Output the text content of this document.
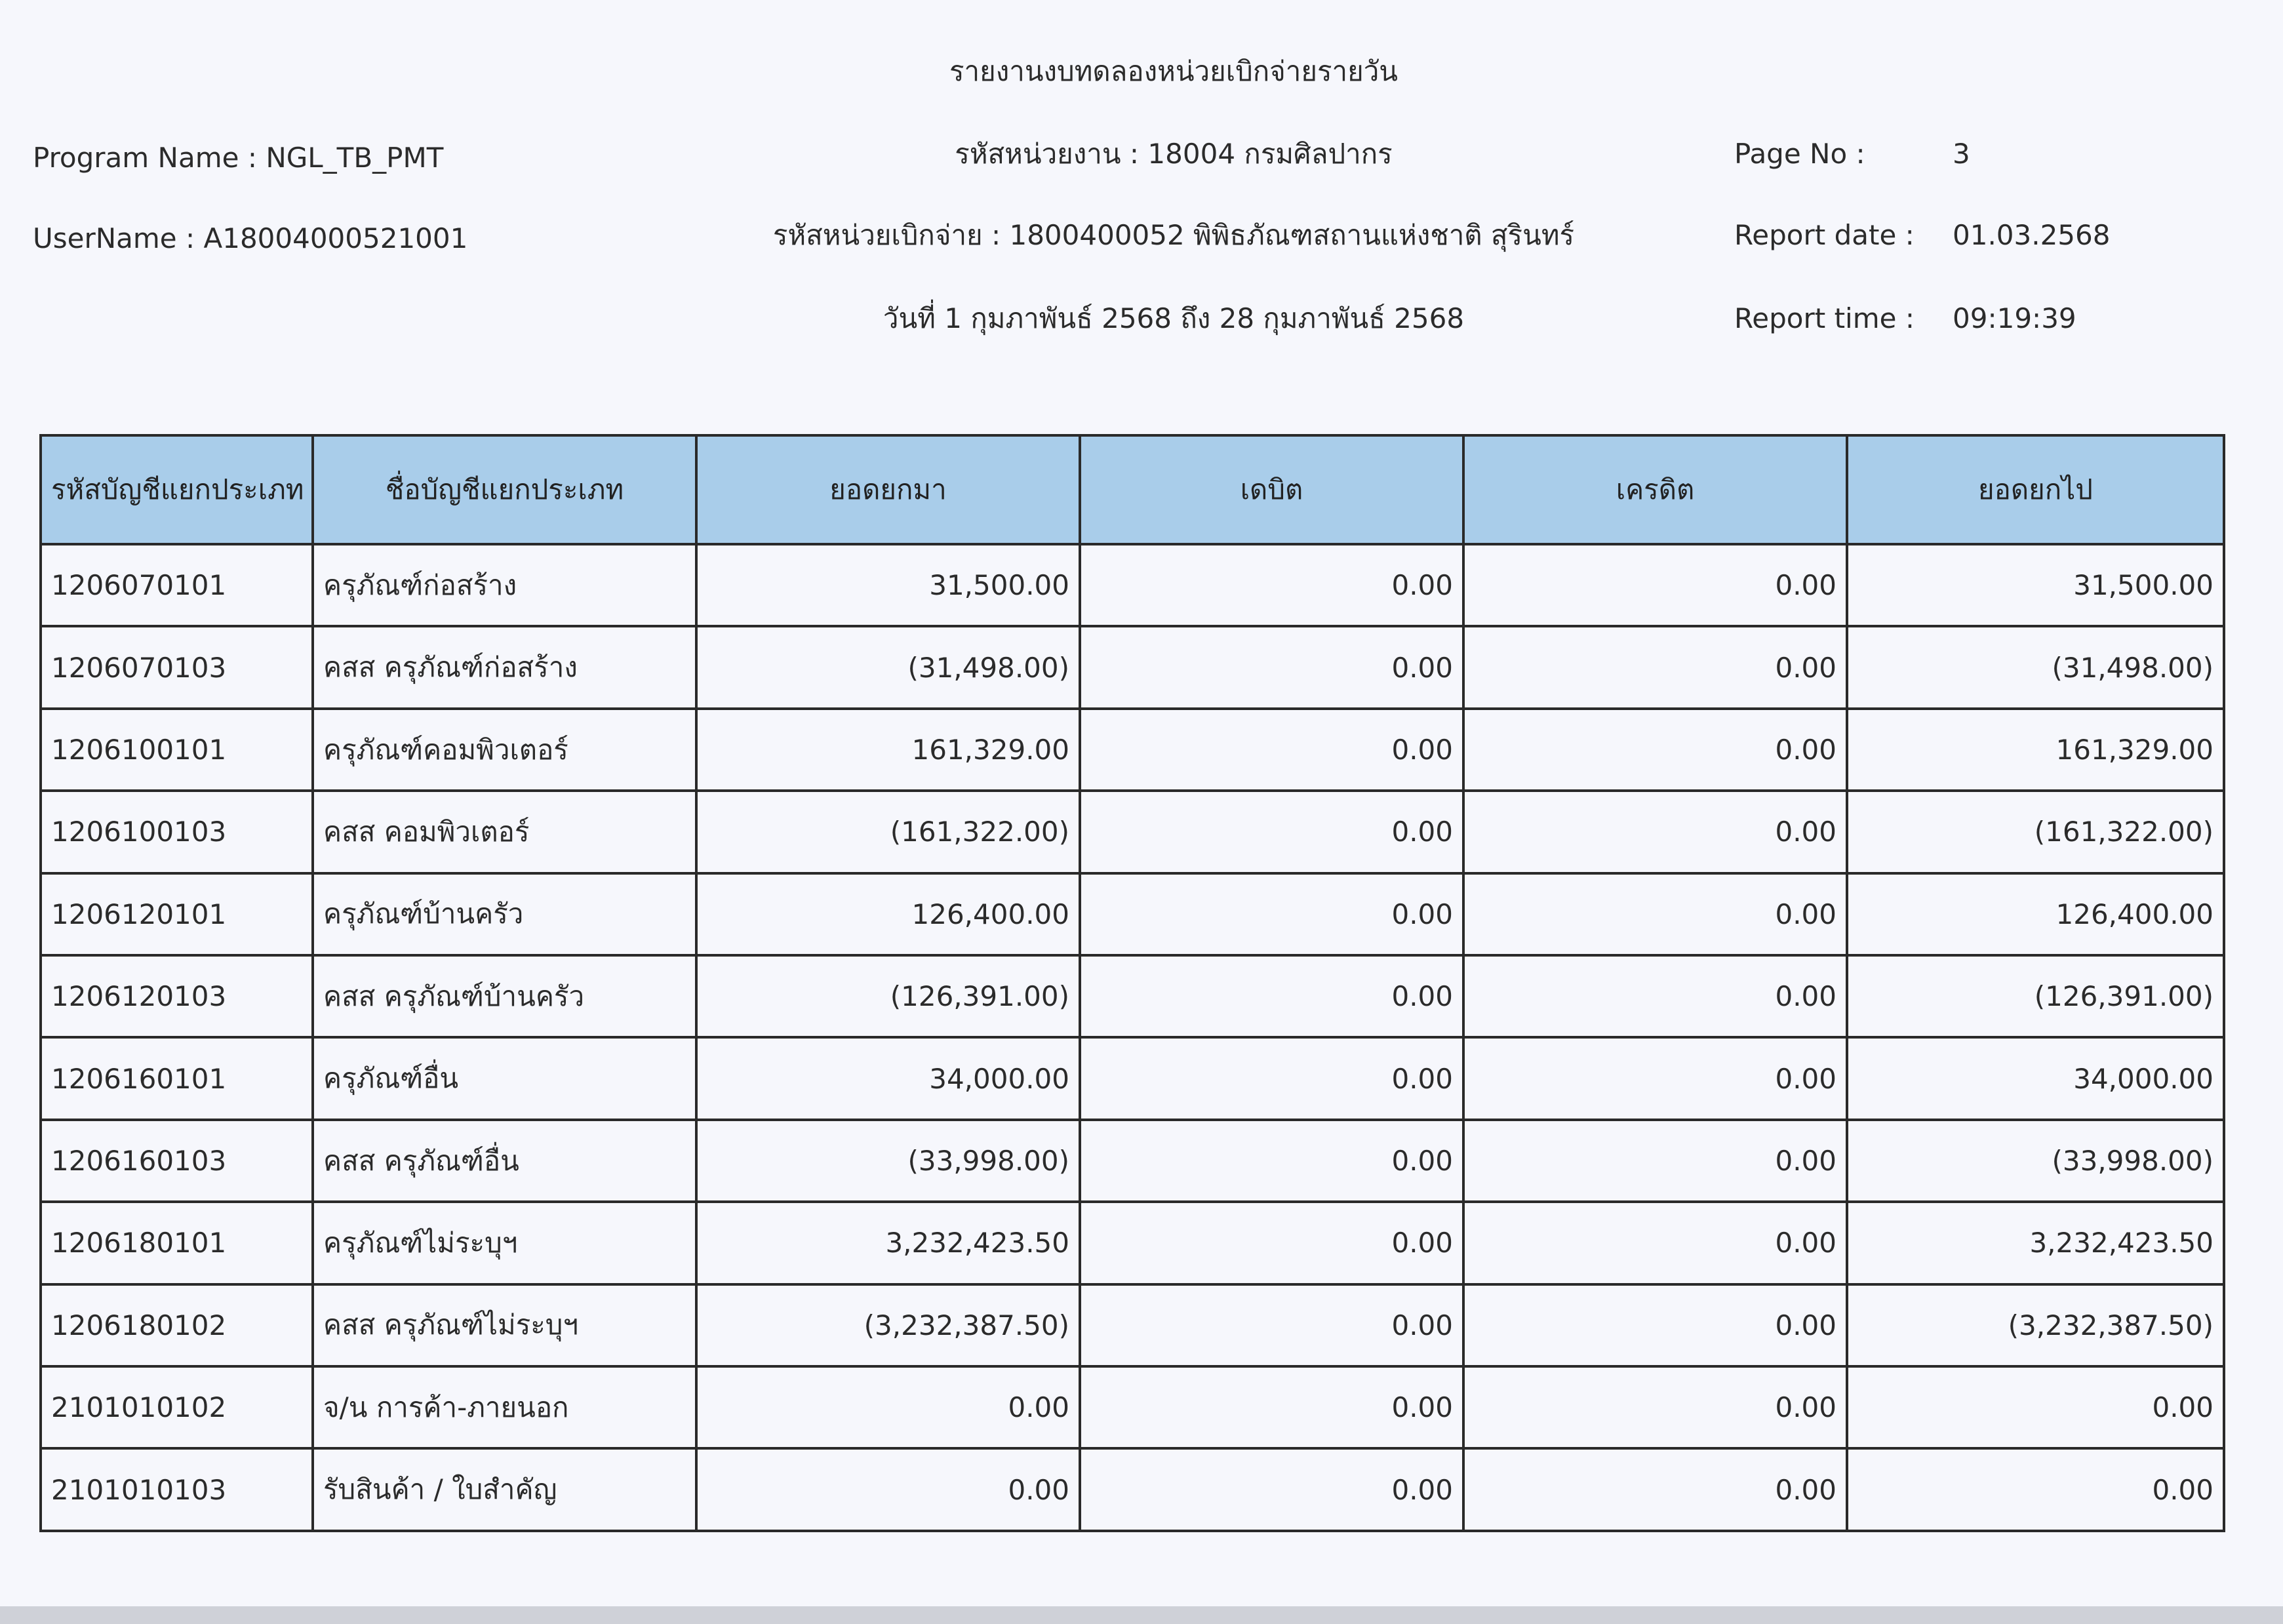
รายงานงบทดลองหน่วยเบิกจ่ายรายวัน
Program Name : NGL_TB_PMT	รหัสหน่วยงาน : 18004 กรมศิลปากร	Page No :	3
UserName : A18004000521001	รหัสหน่วยเบิกจ่าย : 1800400052 พิพิธภัณฑสถานแห่งชาติ สุรินทร์	Report date : 01.03.2568
วันที่ 1 กุมภาพันธ์ 2568 ถึง 28 กุมภาพันธ์ 2568	Report time : 09:19:39
รหัสบัญชีแยกประเภท	ชื่อบัญชีแยกประเภท	ยอดยกมา	เดบิต	เครดิต	ยอดยกไป
1206070101	ครุภัณฑ์ก่อสร้าง	31,500.00	0.00	0.00	31,500.00
1206070103	คสส ครุภัณฑ์ก่อสร้าง	(31,498.00)	0.00	0.00	(31,498.00)
1206100101	ครุภัณฑ์คอมพิวเตอร์	161,329.00	0.00	0.00	161,329.00
1206100103	คสส คอมพิวเตอร์	(161,322.00)	0.00	0.00	(161,322.00)
1206120101	ครุภัณฑ์บ้านครัว	126,400.00	0.00	0.00	126,400.00
1206120103	คสส ครุภัณฑ์บ้านครัว	(126,391.00)	0.00	0.00	(126,391.00)
1206160101	ครุภัณฑ์อื่น	34,000.00	0.00	0.00	34,000.00
1206160103	คสส ครุภัณฑ์อื่น	(33,998.00)	0.00	0.00	(33,998.00)
1206180101	ครุภัณฑ์ไม่ระบุฯ	3,232,423.50	0.00	0.00	3,232,423.50
1206180102	คสส ครุภัณฑ์ไม่ระบุฯ	(3,232,387.50)	0.00	0.00	(3,232,387.50)
2101010102	จ/น การค้า-ภายนอก	0.00	0.00	0.00	0.00
2101010103	รับสินค้า / ใบสำคัญ	0.00	0.00	0.00	0.00
